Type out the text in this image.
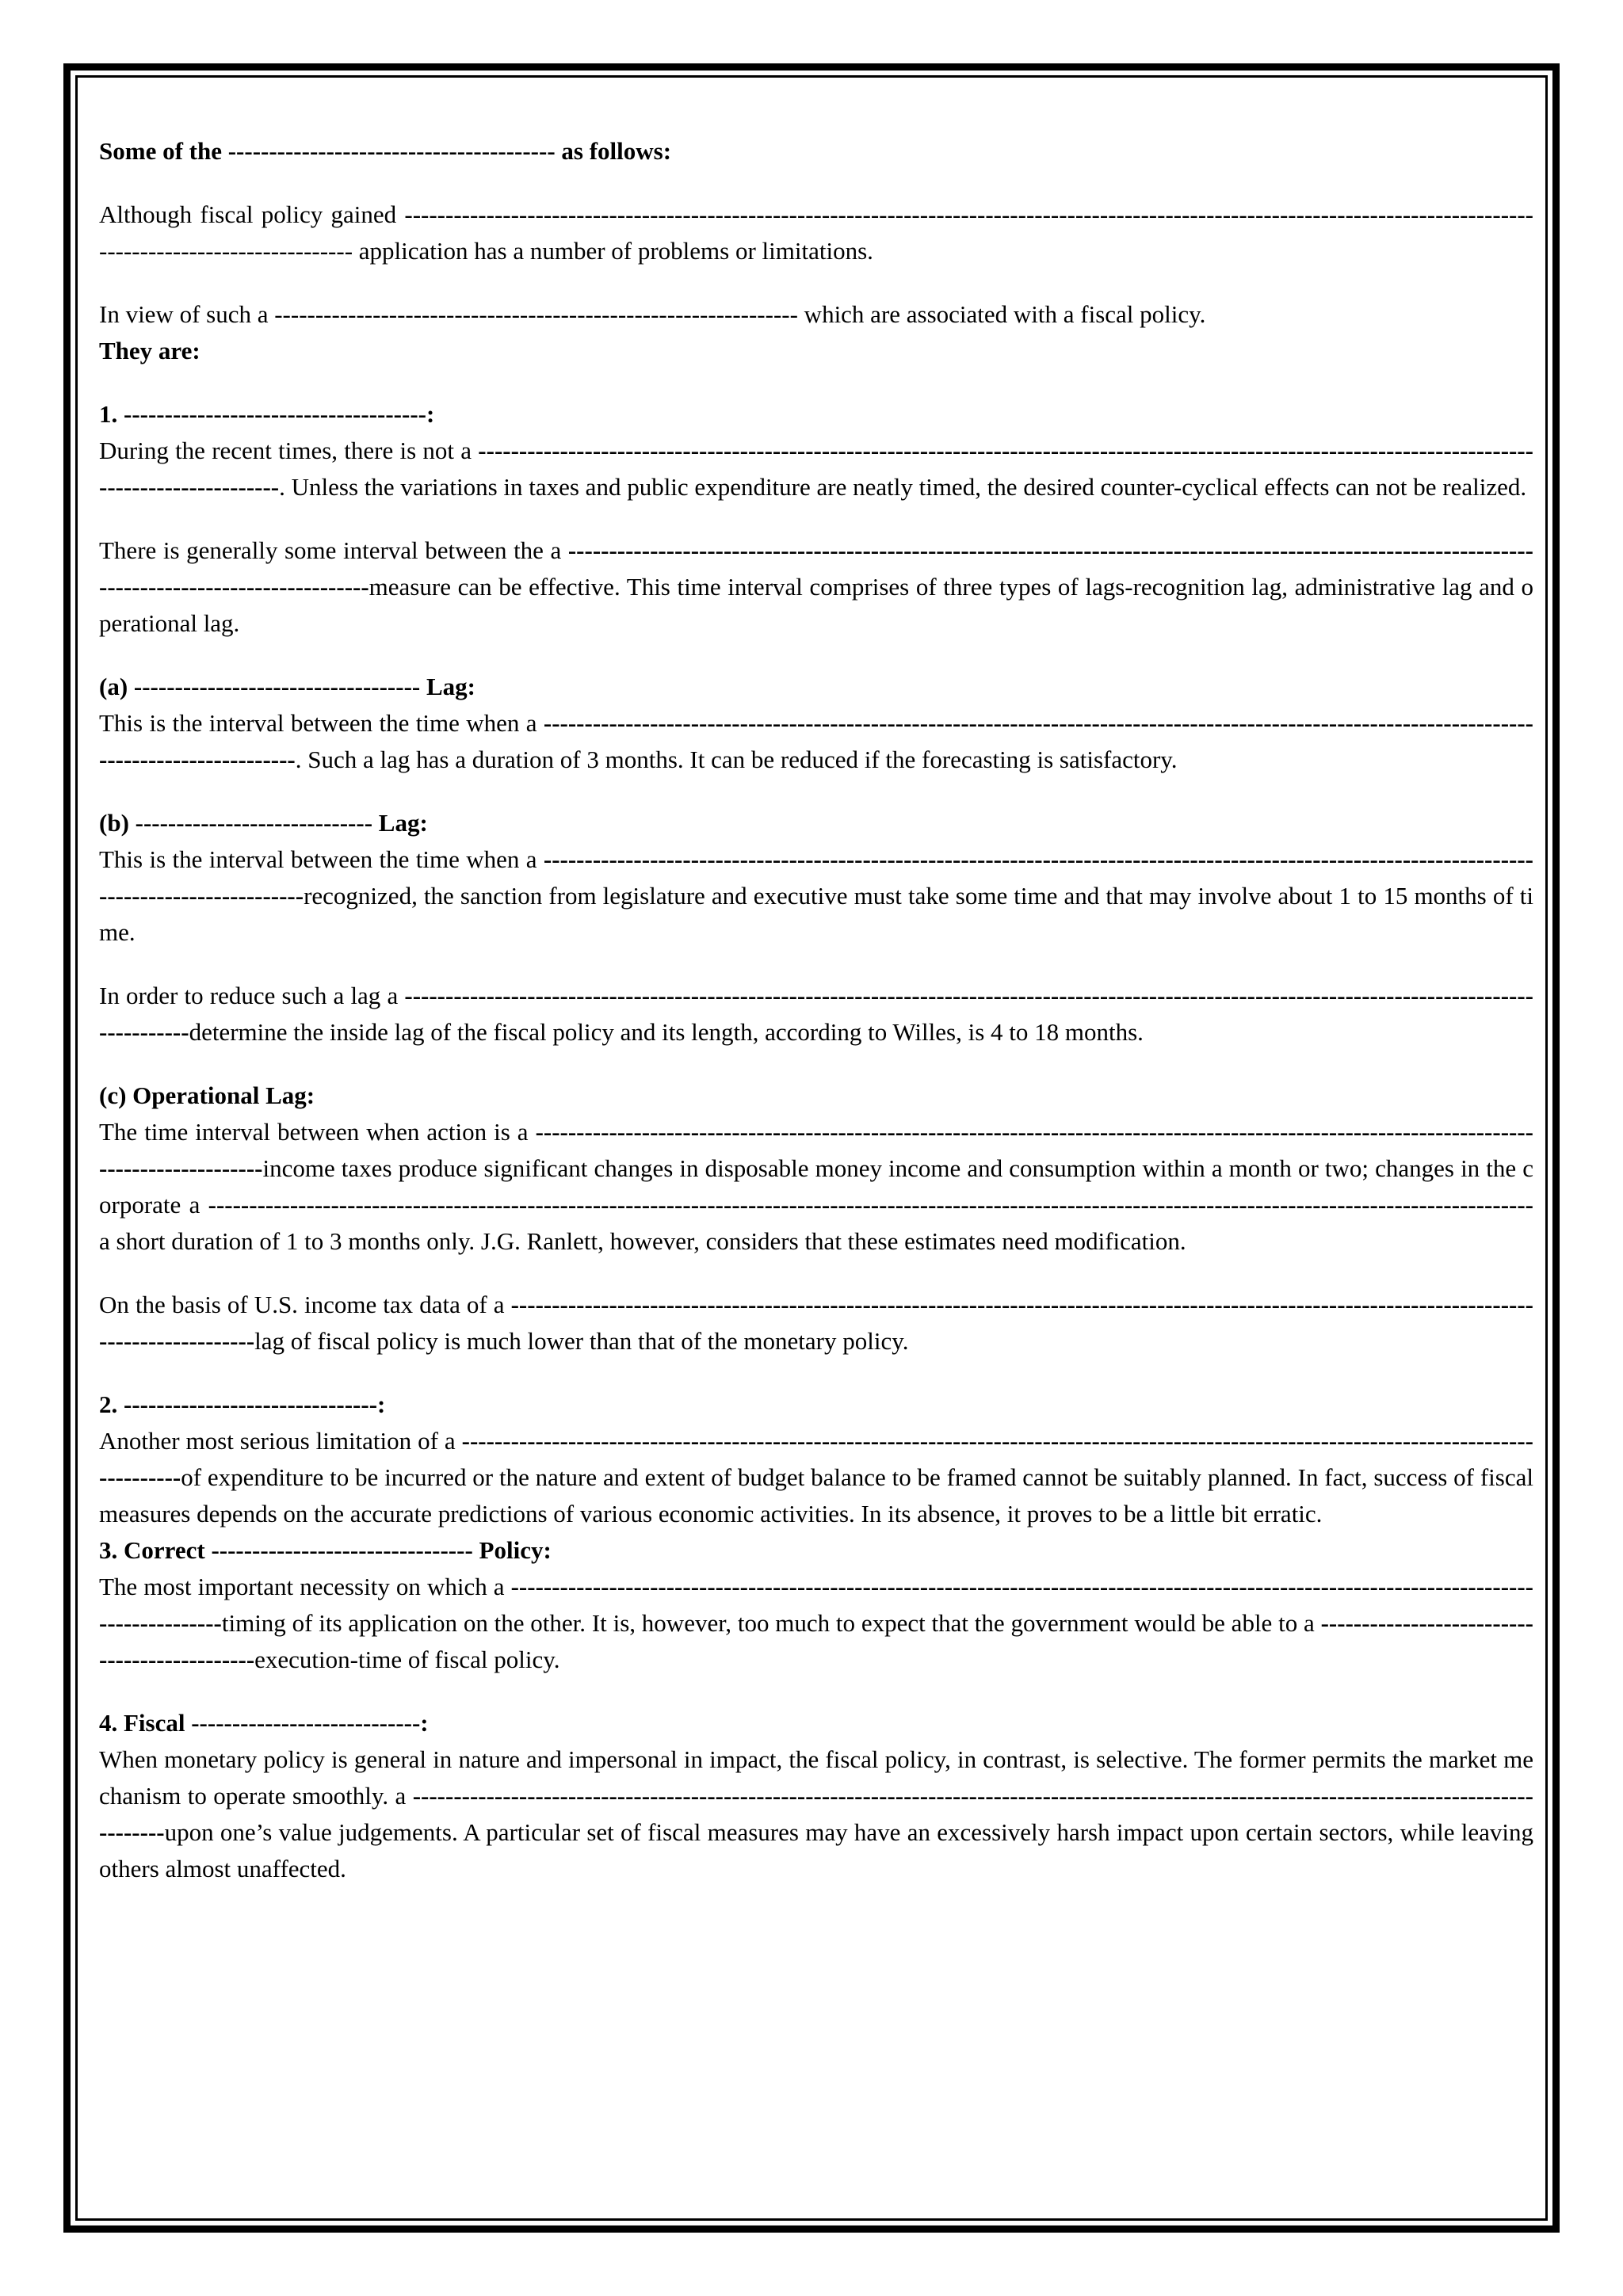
Some of the ---------------------------------------- as follows:

Although fiscal policy gained ------------------------------------------------------------------------------------------------------------------------------------------------------------------------- application has a number of problems or limitations.

In view of such a ---------------------------------------------------------------- which are associated with a fiscal policy.

They are:

1. -------------------------------------:

During the recent times, there is not a -------------------------------------------------------------------------------------------------------------------------------------------------------. Unless the variations in taxes and public expenditure are neatly timed, the desired counter-cyclical effects can not be realized.

There is generally some interval between the a -------------------------------------------------------------------------------------------------------------------------------------------------------measure can be effective. This time interval comprises of three types of lags-recognition lag, administrative lag and operational lag.

(a) ----------------------------------- Lag:

This is the interval between the time when a -------------------------------------------------------------------------------------------------------------------------------------------------. Such a lag has a duration of 3 months. It can be reduced if the forecasting is satisfactory.

(b) ----------------------------- Lag:

This is the interval between the time when a --------------------------------------------------------------------------------------------------------------------------------------------------recognized, the sanction from legislature and executive must take some time and that may involve about 1 to 15 months of time.

In order to reduce such a lag a -----------------------------------------------------------------------------------------------------------------------------------------------------determine the inside lag of the fiscal policy and its length, according to Willes, is 4 to 18 months.

(c) Operational Lag:

The time interval between when action is a ----------------------------------------------------------------------------------------------------------------------------------------------income taxes produce significant changes in disposable money income and consumption within a month or two; changes in the corporate a ------------------------------------------------------------------------------------------------------------------------------------------------------------------a short duration of 1 to 3 months only. J.G. Ranlett, however, considers that these estimates need modification.

On the basis of U.S. income tax data of a ------------------------------------------------------------------------------------------------------------------------------------------------lag of fiscal policy is much lower than that of the monetary policy.

2. -------------------------------:

Another most serious limitation of a ---------------------------------------------------------------------------------------------------------------------------------------------of expenditure to be incurred or the nature and extent of budget balance to be framed cannot be suitably planned. In fact, success of fiscal measures depends on the accurate predictions of various economic activities. In its absence, it proves to be a little bit erratic.

3. Correct -------------------------------- Policy:

The most important necessity on which a --------------------------------------------------------------------------------------------------------------------------------------------timing of its application on the other. It is, however, too much to expect that the government would be able to a ---------------------------------------------execution-time of fiscal policy.

4. Fiscal ----------------------------:

When monetary policy is general in nature and impersonal in impact, the fiscal policy, in contrast, is selective. The former permits the market mechanism to operate smoothly. a -------------------------------------------------------------------------------------------------------------------------------------------------upon one’s value judgements. A particular set of fiscal measures may have an excessively harsh impact upon certain sectors, while leaving others almost unaffected.
